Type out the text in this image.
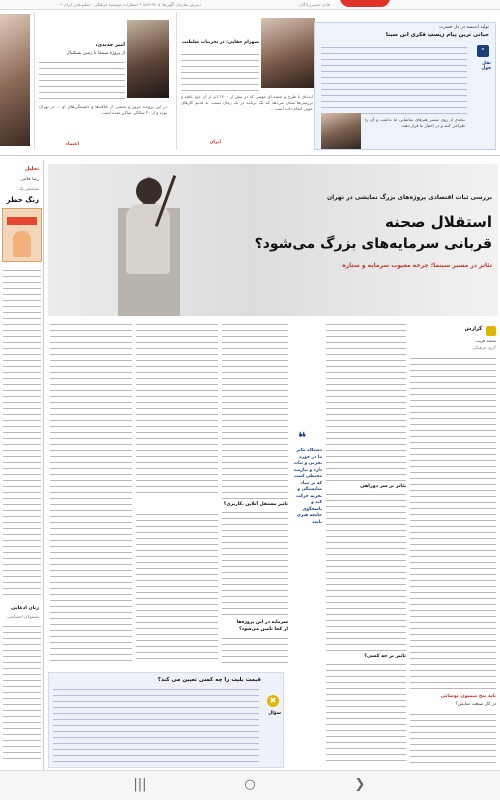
• دبیرش سازمان آگهی‌ها: ۸۸۷۲۹۳۰۵ • انتشارات موسسه فرهنگی - مطبوعاتی ایران	هادی حسین‌زادگان
امیر جدیدی،
از پروژه سینما تا زمین بسکتبال
در این پرونده مرور و بخشی از علاقه‌ها و دلبستگی‌های او ... در تهران بوده و از ۴۰ سالگی ساکن شده است.
اعتماد
شهرام حقایی: در تخریبات سلطنت
ایده‌ای با طرح و نقشه ای مهمی که در بیش از ۱۳۰۰ اثر از آن خود یافته و بررسی‌ها نشان می‌دهد که یک برنامه در یک زمان نسبت به قدیم کارهای خوبی انجام داده است...
ایران
تولید اندیشه در دل حسرت
حیاتی ترین پیام زیستِ فکری ابن سینا
“
نقل قول
نبایدی از روی مسیر هنرهای تماشایی ما نداشت و آن را طراحی کنند و در اختیار ما قرار دهند.
تحلیل
رضا غلامی
تشخیص یک
زنگ خطر
زنان ادعایی
مسئولان احساسی
بررسی ثبات اقتصادی پروژه‌های بزرگ نمایشی در تهران
استقلال صحنه
قربانی سرمایه‌های بزرگ می‌شود؟
تئاتر در مسیر سینما؛ چرخه معیوب سرمایه و ستاره
گزارش
محمد قریب
گروه فرهنگی
باید بیخ ضمیون نوسانی
در کار صنعت نمایش؟
تئاتر بر سر دوراهی
تاثیر بر چه کسی؟
❝
دستگاه تئاتر ما در حوزه تجربی و ثبات دارد و نیازمند محیطی است که بر بنیاد شایستگی و تجربه حرکت کند و پاسخگوی جامعه هنری باشد
تاثیر مستقل آنلاین ،کاربری؟
سرمایه در این پروژه‌ها
از کجا تأمین می‌شود؟
✖
سؤال
قیمت بلیت را چه کسی تعیین می کند؟
|||	○	❯
